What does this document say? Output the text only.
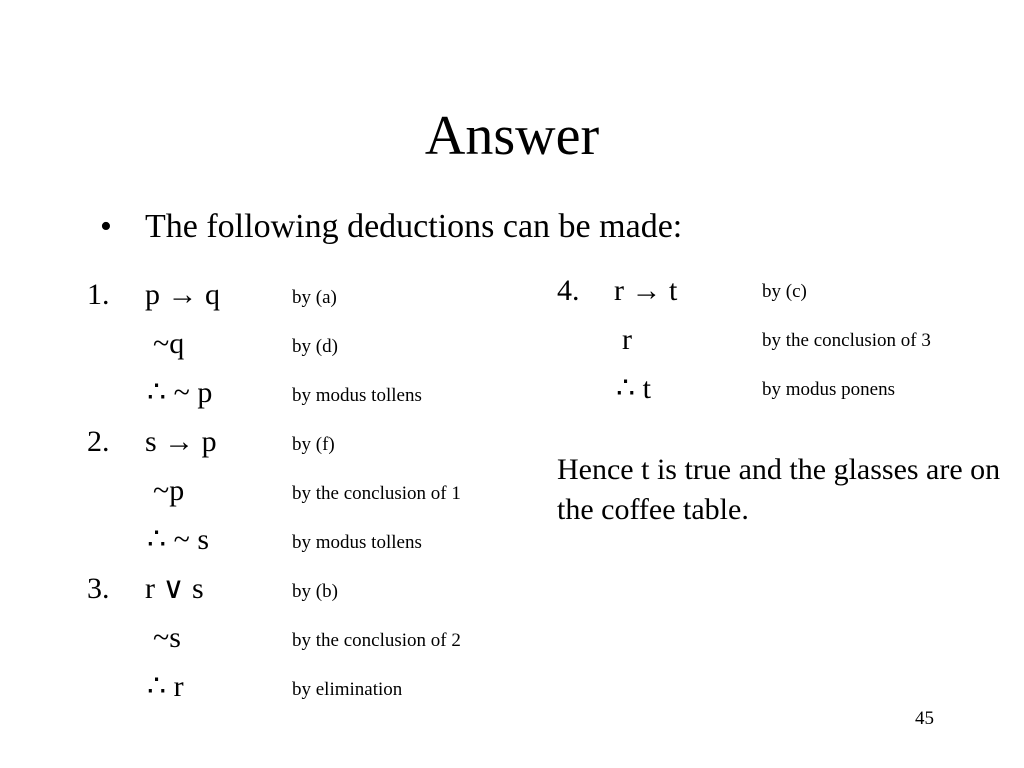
Answer
• The following deductions can be made:
1. p → q	by (a)
~q	by (d)
∴ ~ p	by modus tollens
2. s → p	by (f)
~p	by the conclusion of 1
∴ ~ s	by modus tollens
3. r ∨ s	by (b)
~s	by the conclusion of 2
∴ r	by elimination
4. r → t	by (c)
r	by the conclusion of 3
∴ t	by modus ponens
Hence t is true and the glasses are on the coffee table.
45
